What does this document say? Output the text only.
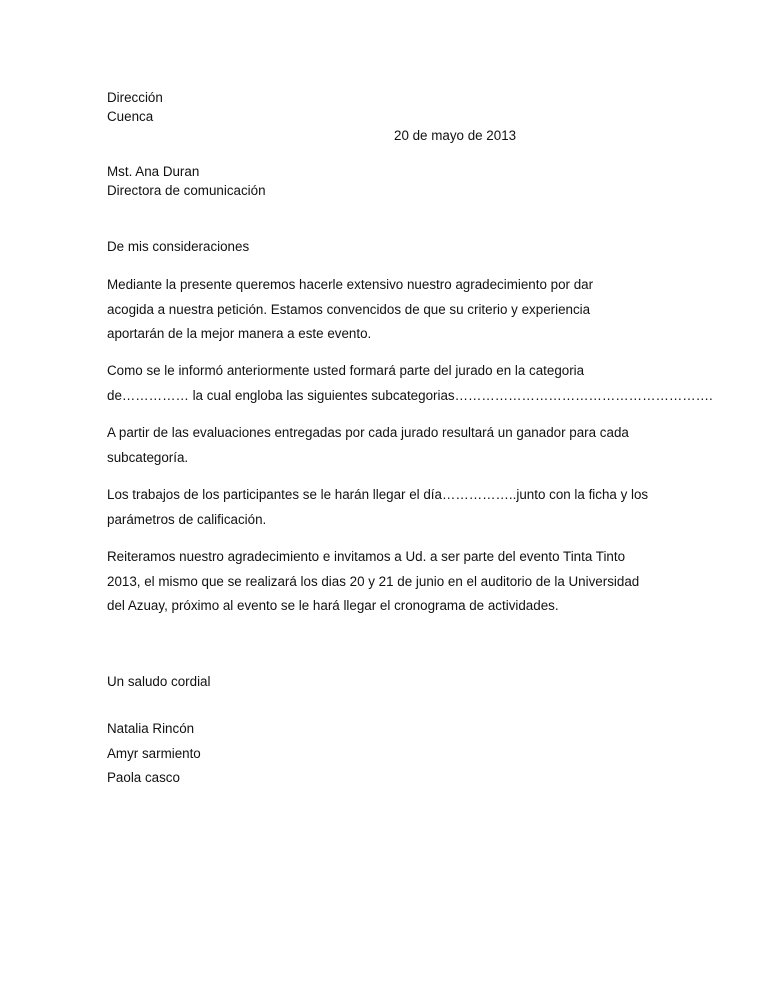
Dirección
Cuenca
20 de mayo de 2013
Mst. Ana Duran
Directora de comunicación
De mis consideraciones

Mediante la presente queremos hacerle extensivo nuestro agradecimiento por dar

acogida a nuestra petición. Estamos convencidos de que su criterio y experiencia

aportarán de la mejor manera a este evento.

Como se le informó anteriormente usted formará parte del jurado en la categoria

de…………… la cual engloba las siguientes subcategorias………………………………………………….

A partir de las evaluaciones entregadas por cada jurado resultará un ganador para cada

subcategoría.

Los trabajos de los participantes se le harán llegar el día……………..junto con la ficha y los

parámetros de calificación.

Reiteramos nuestro agradecimiento e invitamos a Ud. a ser parte del evento Tinta Tinto

2013, el mismo que se realizará los dias 20 y 21 de junio en el auditorio de la Universidad

del Azuay, próximo al evento se le hará llegar el cronograma de actividades.

Un saludo cordial

Natalia Rincón

Amyr sarmiento

Paola casco
